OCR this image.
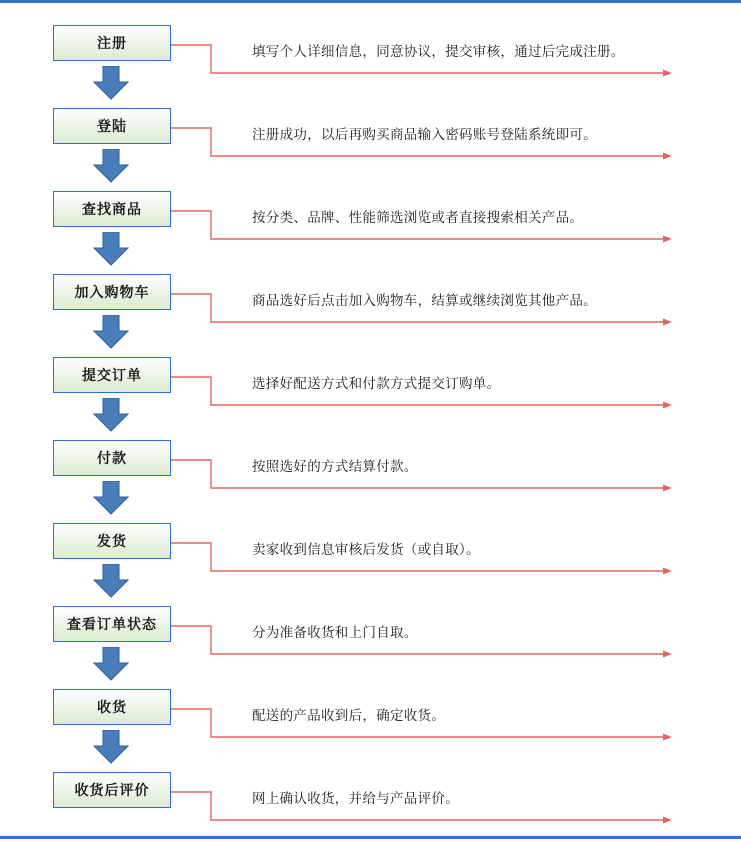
注册
填写个人详细信息，同意协议，提交审核，通过后完成注册。
登陆
注册成功，以后再购买商品输入密码账号登陆系统即可。
查找商品
按分类、品牌、性能筛选浏览或者直接搜索相关产品。
加入购物车
商品选好后点击加入购物车，结算或继续浏览其他产品。
提交订单
选择好配送方式和付款方式提交订购单。
付款
按照选好的方式结算付款。
发货
卖家收到信息审核后发货（或自取）。
查看订单状态
分为准备收货和上门自取。
收货
配送的产品收到后，确定收货。
收货后评价
网上确认收货，并给与产品评价。
